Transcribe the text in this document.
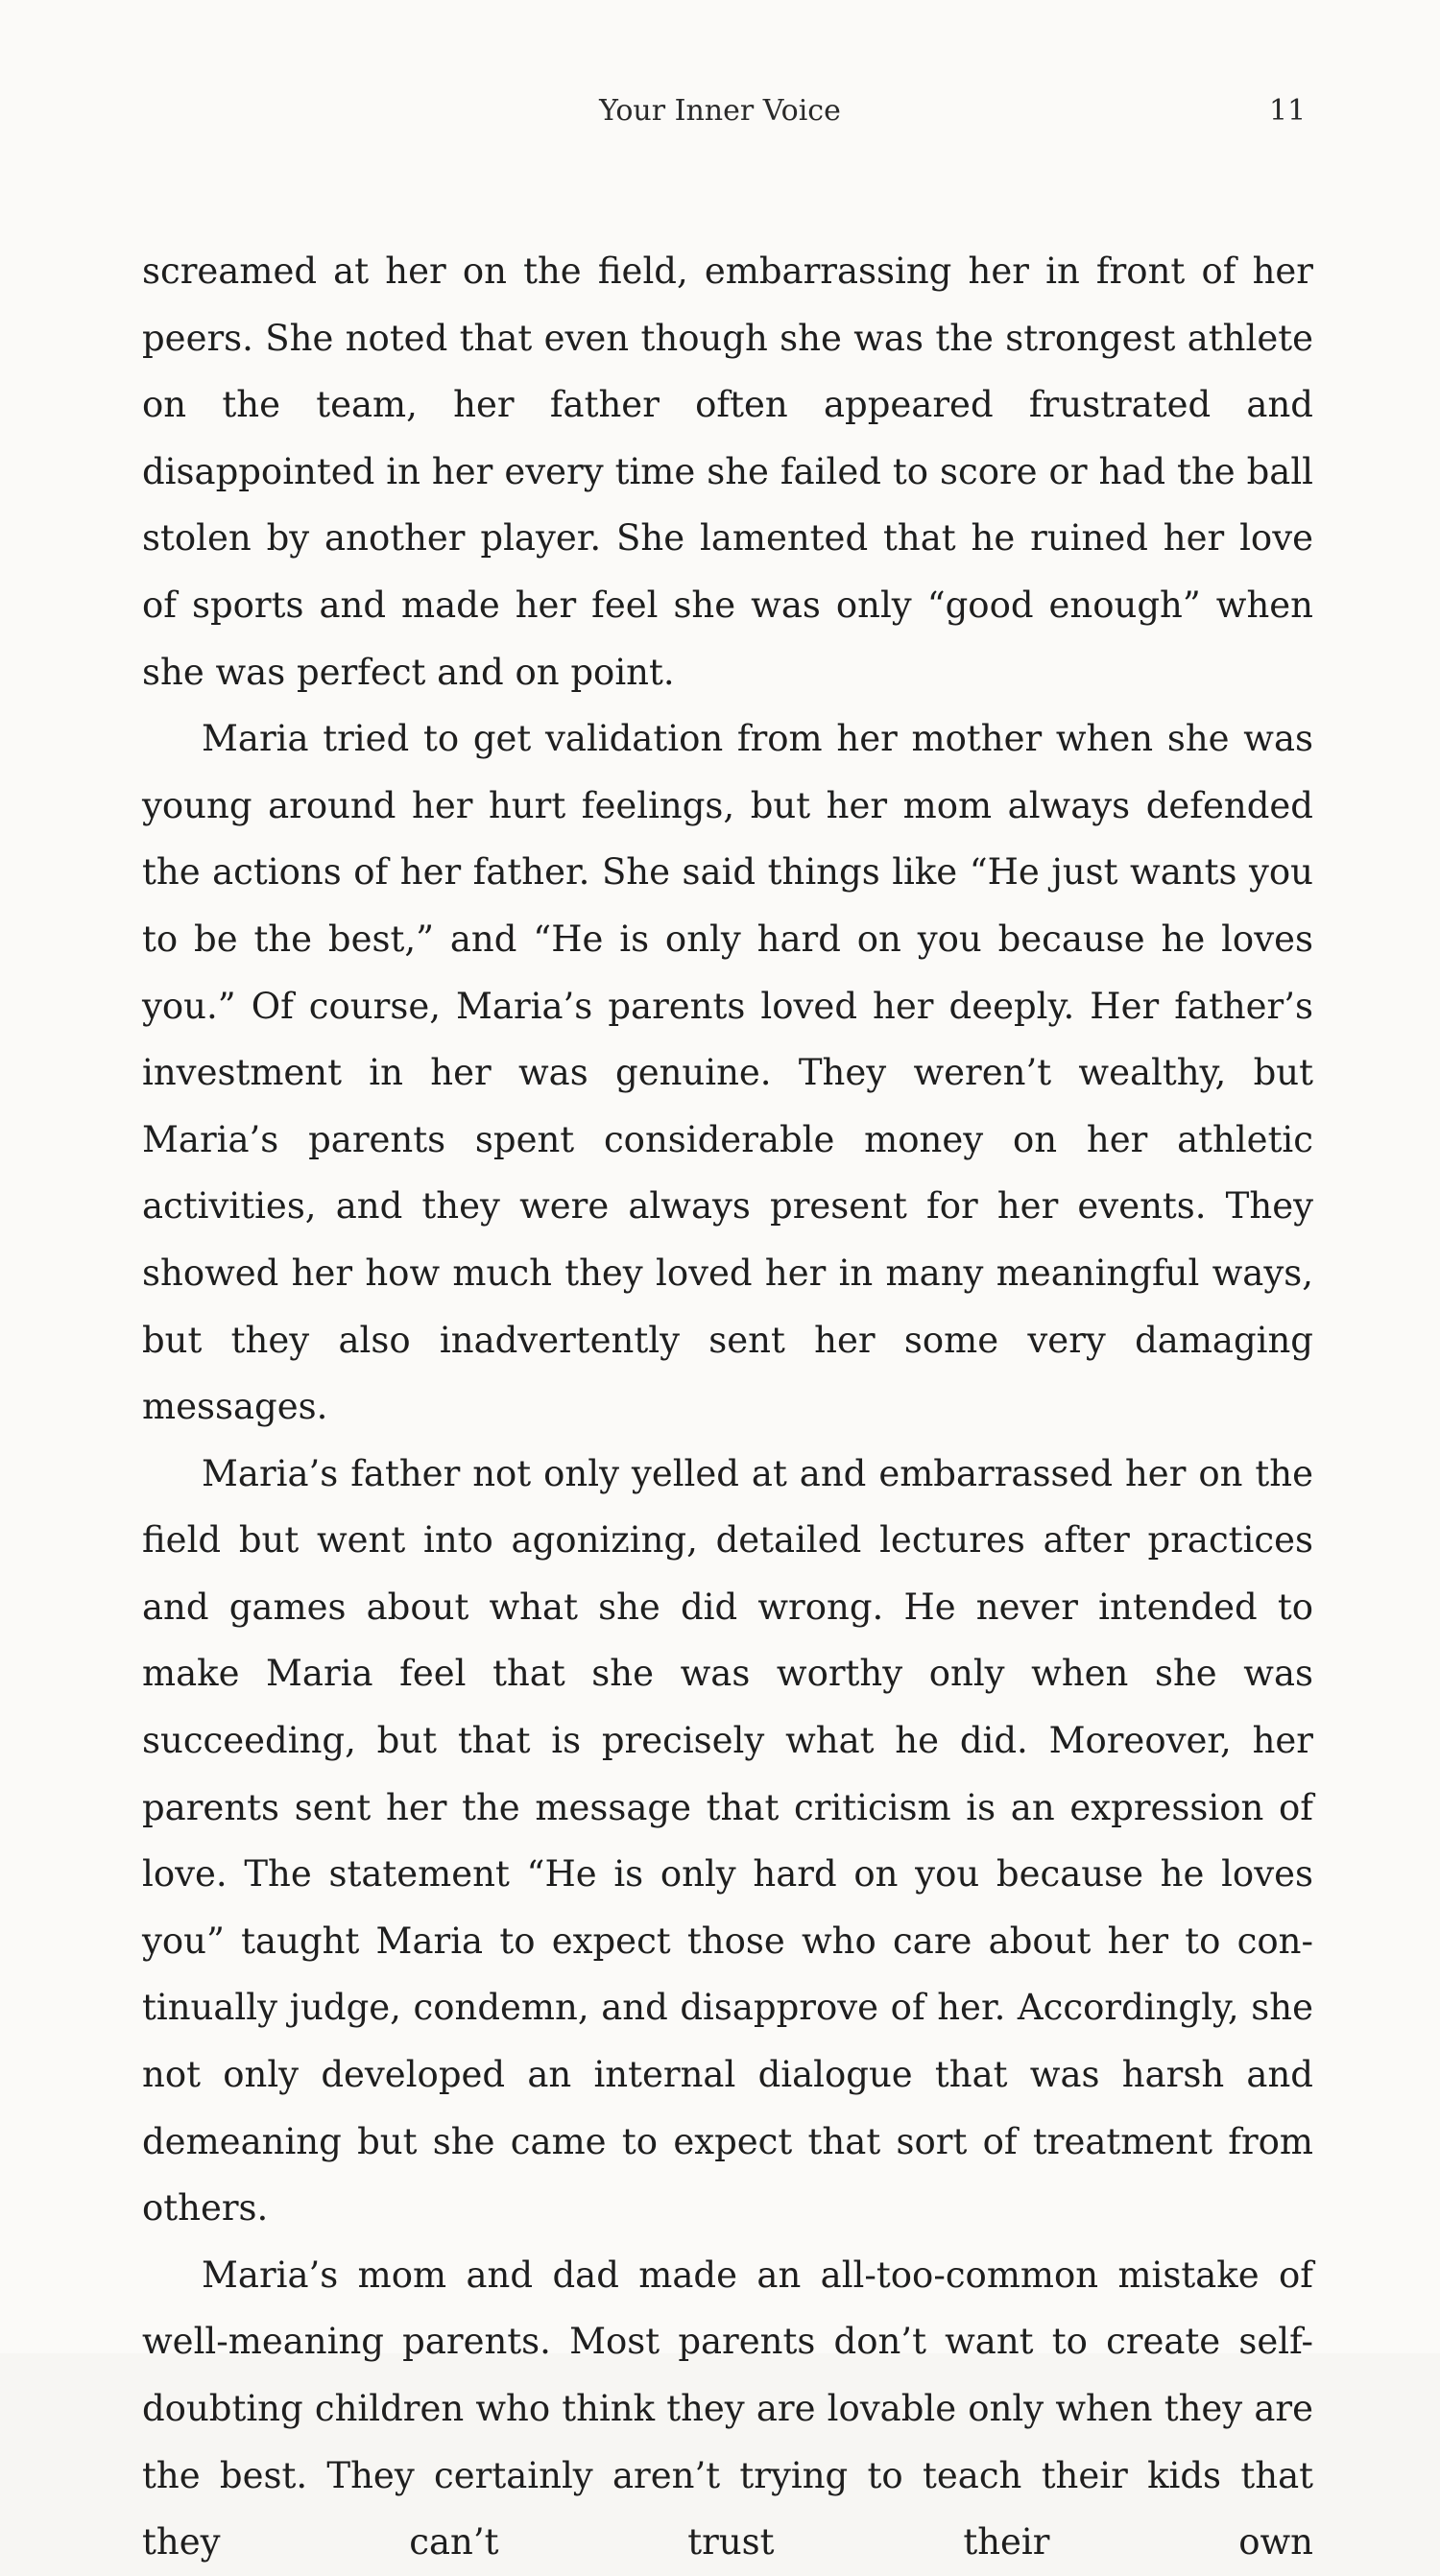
Your Inner Voice	11

screamed at her on the field, embarrassing her in front of her peers. She noted that even though she was the strongest athlete on the team, her father often appeared frustrated and disappointed in her every time she failed to score or had the ball stolen by another player. She lamented that he ruined her love of sports and made her feel she was only “good enough” when she was perfect and on point.

Maria tried to get validation from her mother when she was young around her hurt feelings, but her mom always defended the actions of her father. She said things like “He just wants you to be the best,” and “He is only hard on you because he loves you.” Of course, Maria’s parents loved her deeply. Her father’s investment in her was genuine. They weren’t wealthy, but Maria’s parents spent considerable money on her athletic activities, and they were always present for her events. They showed her how much they loved her in many meaningful ways, but they also inadvertently sent her some very damaging messages.

Maria’s father not only yelled at and embarrassed her on the field but went into agonizing, detailed lectures after practices and games about what she did wrong. He never intended to make Maria feel that she was worthy only when she was succeeding, but that is precisely what he did. Moreover, her parents sent her the message that criticism is an expression of love. The statement “He is only hard on you because he loves you” taught Maria to expect those who care about her to con-tinually judge, condemn, and disapprove of her. Accordingly, she not only developed an internal dialogue that was harsh and demeaning but she came to expect that sort of treatment from others.

Maria’s mom and dad made an all-too-common mistake of well-meaning parents. Most parents don’t want to create self-doubting children who think they are lovable only when they are the best. They certainly aren’t trying to teach their kids that they can’t trust their own
